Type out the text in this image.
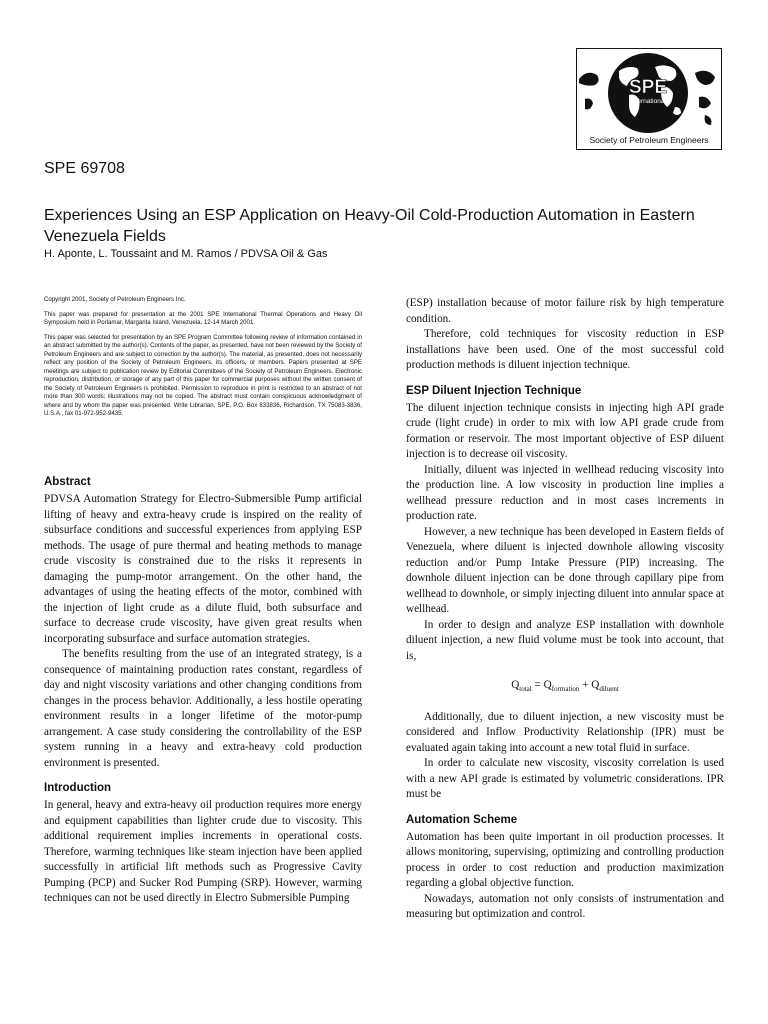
SPE
International
Society of Petroleum Engineers
SPE 69708
Experiences Using an ESP Application on Heavy-Oil Cold-Production Automation in Eastern Venezuela Fields
H. Aponte, L. Toussaint and M. Ramos / PDVSA Oil & Gas

Copyright 2001, Society of Petroleum Engineers Inc.

This paper was prepared for presentation at the 2001 SPE International Thermal Operations and Heavy Oil Symposium held in Porlamar, Margarita Island, Venezuela, 12-14 March 2001.

This paper was selected for presentation by an SPE Program Committee following review of information contained in an abstract submitted by the author(s). Contents of the paper, as presented, have not been reviewed by the Society of Petroleum Engineers and are subject to correction by the author(s). The material, as presented, does not necessarily reflect any position of the Society of Petroleum Engineers, its officers, or members. Papers presented at SPE meetings are subject to publication review by Editorial Committees of the Society of Petroleum Engineers. Electronic reproduction, distribution, or storage of any part of this paper for commercial purposes without the written consent of the Society of Petroleum Engineers is prohibited. Permission to reproduce in print is restricted to an abstract of not more than 300 words; illustrations may not be copied. The abstract must contain conspicuous acknowledgment of where and by whom the paper was presented. Write Librarian, SPE, P.O. Box 833836, Richardson, TX 75083-3836, U.S.A., fax 01-972-952-9435.

Abstract

PDVSA Automation Strategy for Electro-Submersible Pump artificial lifting of heavy and extra-heavy crude is inspired on the reality of subsurface conditions and successful experiences from applying ESP methods. The usage of pure thermal and heating methods to manage crude viscosity is constrained due to the risks it represents in damaging the pump-motor arrangement. On the other hand, the advantages of using the heating effects of the motor, combined with the injection of light crude as a dilute fluid, both subsurface and surface to decrease crude viscosity, have given great results when incorporating subsurface and surface automation strategies.

The benefits resulting from the use of an integrated strategy, is a consequence of maintaining production rates constant, regardless of day and night viscosity variations and other changing conditions from changes in the process behavior. Additionally, a less hostile operating environment results in a longer lifetime of the motor-pump arrangement. A case study considering the controllability of the ESP system running in a heavy and extra-heavy cold production environment is presented.

Introduction

In general, heavy and extra-heavy oil production requires more energy and equipment capabilities than lighter crude due to viscosity. This additional requirement implies increments in operational costs. Therefore, warming techniques like steam injection have been applied successfully in artificial lift methods such as Progressive Cavity Pumping (PCP) and Sucker Rod Pumping (SRP). However, warming techniques can not be used directly in Electro Submersible Pumping

(ESP) installation because of motor failure risk by high temperature condition.

Therefore, cold techniques for viscosity reduction in ESP installations have been used. One of the most successful cold production methods is diluent injection technique.

ESP Diluent Injection Technique

The diluent injection technique consists in injecting high API grade crude (light crude) in order to mix with low API grade crude from formation or reservoir. The most important objective of ESP diluent injection is to decrease oil viscosity.

Initially, diluent was injected in wellhead reducing viscosity into the production line. A low viscosity in production line implies a wellhead pressure reduction and in most cases increments in production rate.

However, a new technique has been developed in Eastern fields of Venezuela, where diluent is injected downhole allowing viscosity reduction and/or Pump Intake Pressure (PIP) increasing. The downhole diluent injection can be done through capillary pipe from wellhead to downhole, or simply injecting diluent into annular space at wellhead.

In order to design and analyze ESP installation with downhole diluent injection, a new fluid volume must be took into account, that is,

$Q_{total} = Q_{formation} + Q_{diluent}$

Additionally, due to diluent injection, a new viscosity must be considered and Inflow Productivity Relationship (IPR) must be evaluated again taking into account a new total fluid in surface.

In order to calculate new viscosity, viscosity correlation is used with a new API grade is estimated by volumetric considerations. IPR must be

Automation Scheme

Automation has been quite important in oil production processes. It allows monitoring, supervising, optimizing and controlling production process in order to cost reduction and production maximization regarding a global objective function.

Nowadays, automation not only consists of instrumentation and measuring but optimization and control.
